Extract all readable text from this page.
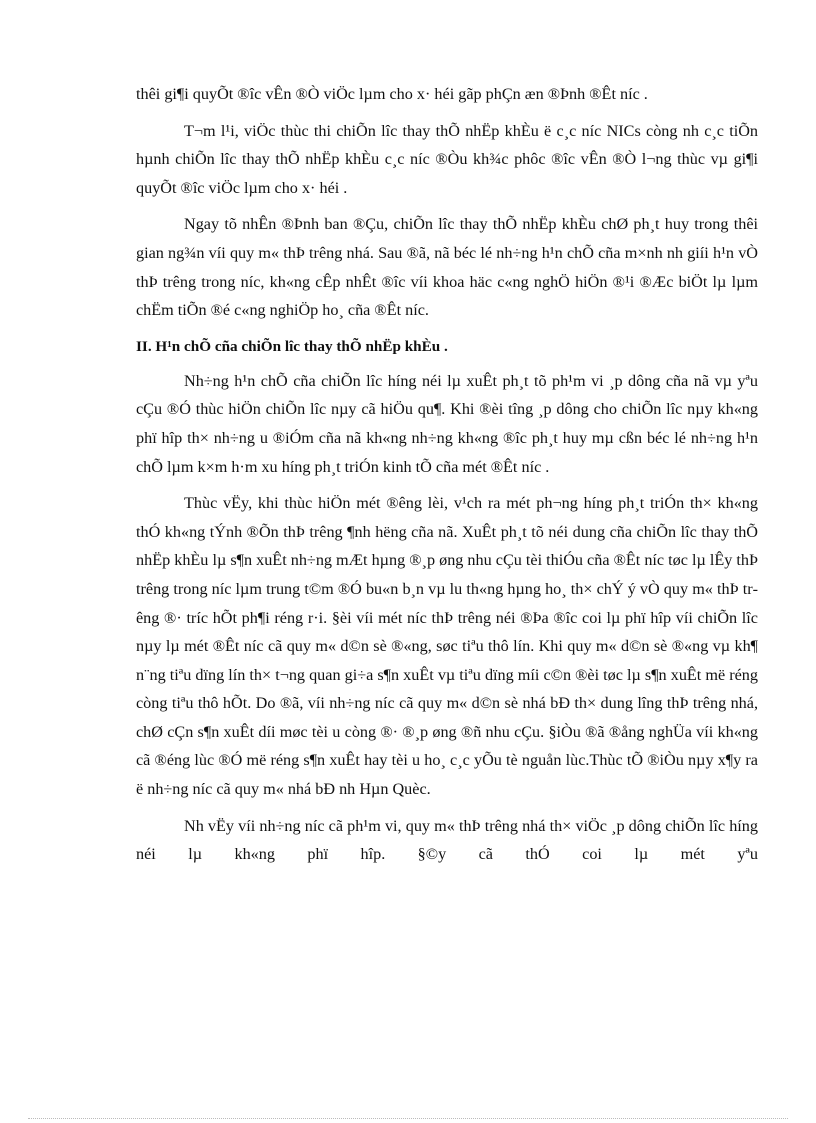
thêi gi¶i quyÕt ®îc vÊn ®Ò viÖc lµm cho x· héi gãp phÇn æn ®Þnh ®Êt níc .

T¬m l¹i, viÖc thùc thi chiÕn lîc thay thÕ nhËp khÈu ë c¸c níc NICs còng nh c¸c tiÕn hµnh chiÕn lîc thay thÕ nhËp khÈu c¸c níc ®Òu kh¾c phôc ®îc vÊn ®Ò l¬ng thùc vµ gi¶i quyÕt ®îc viÖc lµm cho x· héi .

Ngay tõ nhÊn ®Þnh ban ®Çu, chiÕn lîc thay thÕ nhËp khÈu chØ ph¸t huy trong thêi gian ng¾n víi quy m« thÞ trêng nhá. Sau ®ã, nã béc lé nh÷ng h¹n chÕ cña m×nh nh giíi h¹n vÒ thÞ trêng trong níc, kh«ng cÊp nhÊt ®îc víi khoa häc c«ng nghÖ hiÖn ®¹i ®Æc biÖt lµ lµm chËm tiÕn ®é c«ng nghiÖp ho¸ cña ®Êt níc.

II. H¹n chÕ cña chiÕn lîc thay thÕ nhËp khÈu .

Nh÷ng h¹n chÕ cña chiÕn lîc híng néi lµ xuÊt ph¸t tõ ph¹m vi ¸p dông cña nã vµ yªu cÇu ®Ó thùc hiÖn chiÕn lîc nµy cã hiÖu qu¶. Khi ®èi tîng ¸p dông cho chiÕn lîc nµy kh«ng phï hîp th× nh÷ng u ®iÓm cña nã kh«ng nh÷ng kh«ng ®îc ph¸t huy mµ cßn béc lé nh÷ng h¹n chÕ lµm k×m h·m xu híng ph¸t triÓn kinh tÕ cña mét ®Êt níc .

Thùc vËy, khi thùc hiÖn mét ®êng lèi, v¹ch ra mét ph¬ng híng ph¸t triÓn th× kh«ng thÓ kh«ng tÝnh ®Õn thÞ trêng ¶nh hëng cña nã. XuÊt ph¸t tõ néi dung cña chiÕn lîc thay thÕ nhËp khÈu lµ s¶n xuÊt nh÷ng mÆt hµng ®¸p øng nhu cÇu tèi thiÓu cña ®Êt níc tøc lµ lÊy thÞ trêng trong níc lµm trung t©m ®Ó bu«n b¸n vµ lu th«ng hµng ho¸ th× chÝ ý vÒ quy m« thÞ trêng ®· tríc hÕt ph¶i réng r·i. §èi víi mét níc thÞ trêng néi ®Þa ®îc coi lµ phï hîp víi chiÕn lîc nµy lµ mét ®Êt níc cã quy m« d©n sè ®«ng, søc tiªu thô lín. Khi quy m« d©n sè ®«ng vµ kh¶ n¨ng tiªu dïng lín th× t¬ng quan gi÷a s¶n xuÊt vµ tiªu dïng míi c©n ®èi tøc lµ s¶n xuÊt më réng còng tiªu thô hÕt. Do ®ã, víi nh÷ng níc cã quy m« d©n sè nhá bÐ th× dung lîng thÞ trêng nhá, chØ cÇn s¶n xuÊt díi møc tèi u còng ®· ®¸p øng ®ñ nhu cÇu. §iÒu ®ã ®ång nghÜa víi kh«ng cã ®éng lùc ®Ó më réng s¶n xuÊt hay tèi u ho¸ c¸c yÕu tè nguån lùc.Thùc tÕ ®iÒu nµy x¶y ra ë nh÷ng níc cã quy m« nhá bÐ nh Hµn Quèc.

Nh vËy víi nh÷ng níc cã ph¹m vi, quy m« thÞ trêng nhá th× viÖc ¸p dông chiÕn lîc híng néi lµ kh«ng phï hîp. §©y cã thÓ coi lµ mét yªu
